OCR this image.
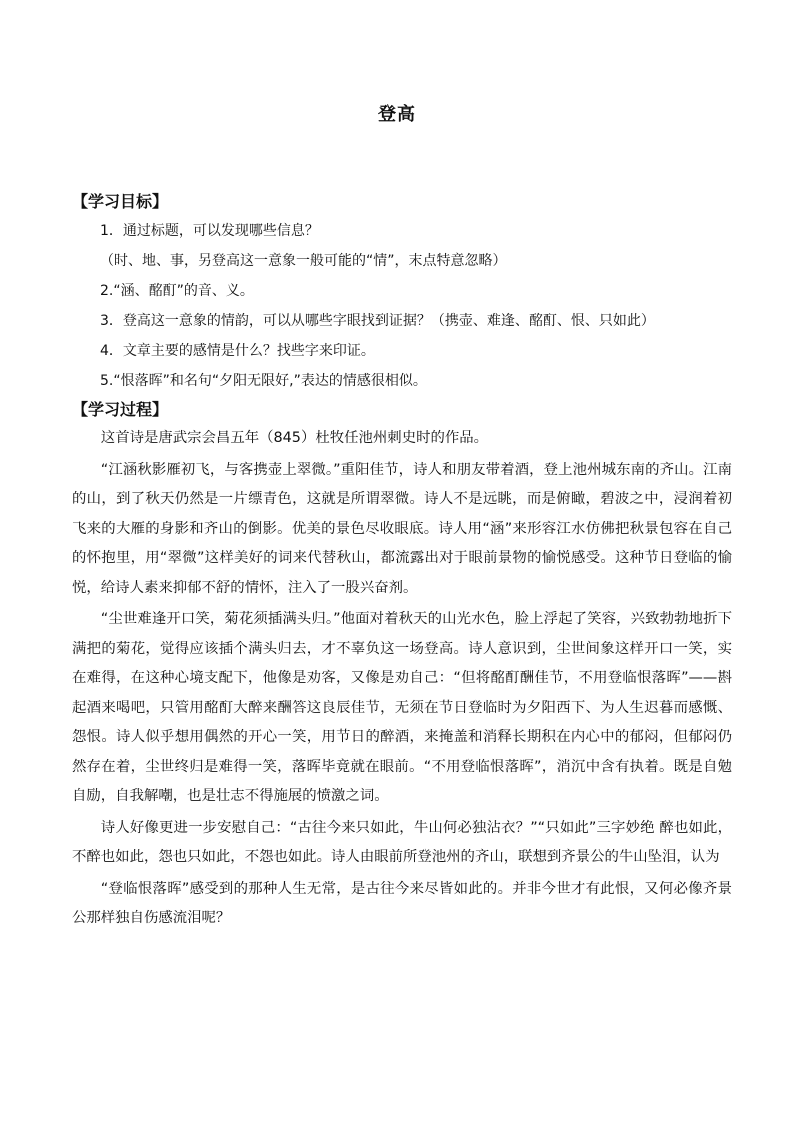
登高
【学习目标】
1．通过标题，可以发现哪些信息？
（时、地、事，另登高这一意象一般可能的“情”，末点特意忽略）
2.“涵、酩酊”的音、义。
3．登高这一意象的情韵，可以从哪些字眼找到证据？（携壶、难逢、酩酊、恨、只如此）
4．文章主要的感情是什么？找些字来印证。
5.“恨落晖”和名句“夕阳无限好,”表达的情感很相似。
【学习过程】

这首诗是唐武宗会昌五年（845）杜牧任池州刺史时的作品。

“江涵秋影雁初飞，与客携壶上翠微。”重阳佳节，诗人和朋友带着酒，登上池州城东南的齐山。江南的山，到了秋天仍然是一片缥青色，这就是所谓翠微。诗人不是远眺，而是俯瞰，碧波之中，浸润着初飞来的大雁的身影和齐山的倒影。优美的景色尽收眼底。诗人用“涵”来形容江水仿佛把秋景包容在自己的怀抱里，用“翠微”这样美好的词来代替秋山，都流露出对于眼前景物的愉悦感受。这种节日登临的愉悦，给诗人素来抑郁不舒的情怀，注入了一股兴奋剂。

“尘世难逢开口笑，菊花须插满头归。”他面对着秋天的山光水色，脸上浮起了笑容，兴致勃勃地折下满把的菊花，觉得应该插个满头归去，才不辜负这一场登高。诗人意识到，尘世间象这样开口一笑，实在难得，在这种心境支配下，他像是劝客，又像是劝自己：“但将酩酊酬佳节，不用登临恨落晖”——斟起酒来喝吧，只管用酩酊大醉来酬答这良辰佳节，无须在节日登临时为夕阳西下、为人生迟暮而感慨、怨恨。诗人似乎想用偶然的开心一笑，用节日的醉酒，来掩盖和消释长期积在内心中的郁闷，但郁闷仍然存在着，尘世终归是难得一笑，落晖毕竟就在眼前。“不用登临恨落晖”，消沉中含有执着。既是自勉自励，自我解嘲，也是壮志不得施展的愤激之词。

诗人好像更进一步安慰自己：“古往今来只如此，牛山何必独沾衣？”“只如此”三字妙绝 醉也如此，不醉也如此，怨也只如此，不怨也如此。诗人由眼前所登池州的齐山，联想到齐景公的牛山坠泪，认为

“登临恨落晖”感受到的那种人生无常，是古往今来尽皆如此的。并非今世才有此恨，又何必像齐景公那样独自伤感流泪呢？
